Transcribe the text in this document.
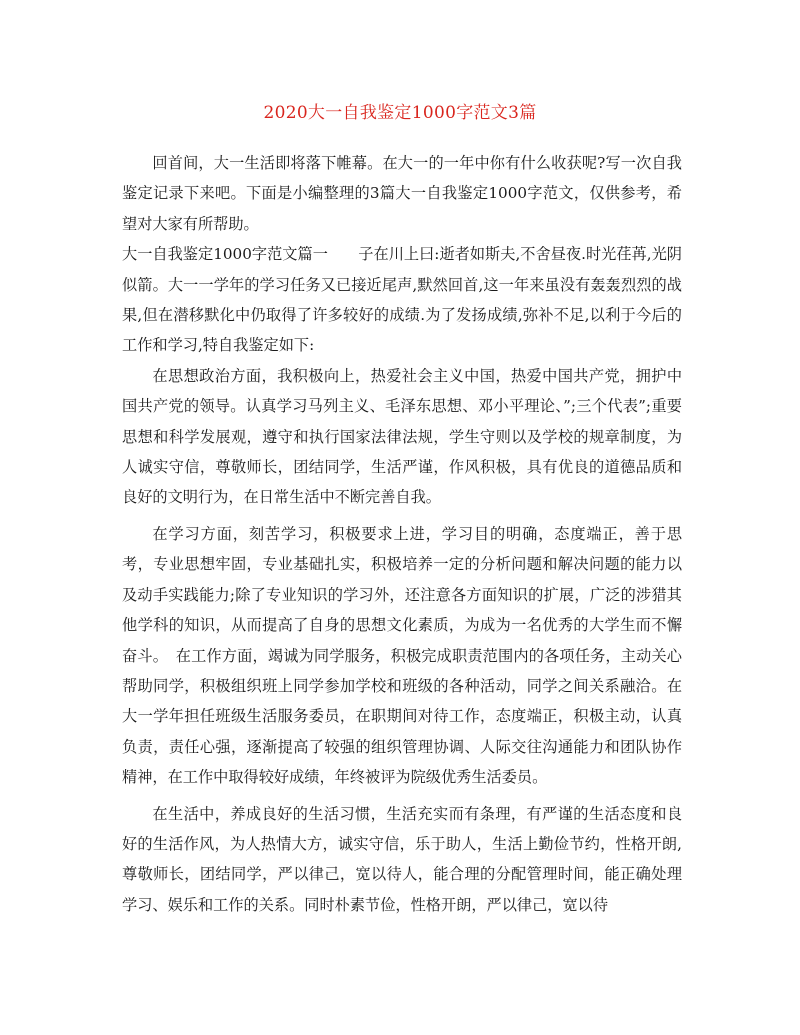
2020大一自我鉴定1000字范文3篇

回首间，大一生活即将落下帷幕。在大一的一年中你有什么收获呢?写一次自我鉴定记录下来吧。下面是小编整理的3篇大一自我鉴定1000字范文，仅供参考，希望对大家有所帮助。

大一自我鉴定1000字范文篇一　　子在川上曰:逝者如斯夫,不舍昼夜.时光荏苒,光阴似箭。大一一学年的学习任务又已接近尾声,默然回首,这一年来虽没有轰轰烈烈的战果,但在潜移默化中仍取得了许多较好的成绩.为了发扬成绩,弥补不足,以利于今后的工作和学习,特自我鉴定如下:

在思想政治方面，我积极向上，热爱社会主义中国，热爱中国共产党，拥护中国共产党的领导。认真学习马列主义、毛泽东思想、邓小平理论、”;三个代表”;重要思想和科学发展观，遵守和执行国家法律法规，学生守则以及学校的规章制度，为人诚实守信，尊敬师长，团结同学，生活严谨，作风积极，具有优良的道德品质和良好的文明行为，在日常生活中不断完善自我。

在学习方面，刻苦学习，积极要求上进，学习目的明确，态度端正，善于思考，专业思想牢固，专业基础扎实，积极培养一定的分析问题和解决问题的能力以及动手实践能力;除了专业知识的学习外，还注意各方面知识的扩展，广泛的涉猎其他学科的知识，从而提高了自身的思想文化素质，为成为一名优秀的大学生而不懈奋斗。　在工作方面，竭诚为同学服务，积极完成职责范围内的各项任务，主动关心帮助同学，积极组织班上同学参加学校和班级的各种活动，同学之间关系融洽。在大一学年担任班级生活服务委员，在职期间对待工作，态度端正，积极主动，认真负责，责任心强，逐渐提高了较强的组织管理协调、人际交往沟通能力和团队协作精神，在工作中取得较好成绩，年终被评为院级优秀生活委员。

在生活中，养成良好的生活习惯，生活充实而有条理，有严谨的生活态度和良好的生活作风，为人热情大方，诚实守信，乐于助人，生活上勤俭节约，性格开朗,尊敬师长，团结同学，严以律己，宽以待人，能合理的分配管理时间，能正确处理学习、娱乐和工作的关系。同时朴素节俭，性格开朗，严以律己，宽以待
